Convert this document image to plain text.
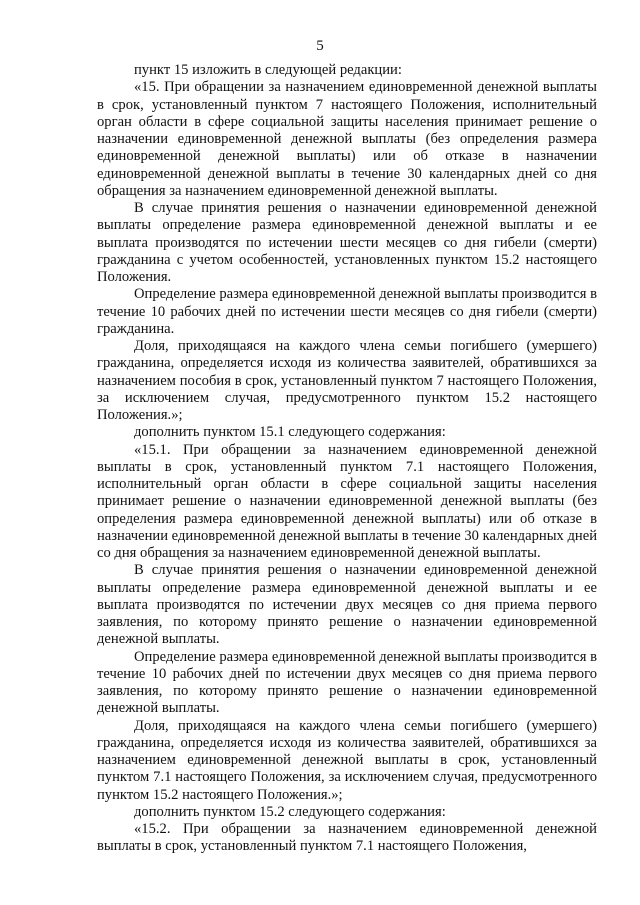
5

пункт 15 изложить в следующей редакции:

«15. При обращении за назначением единовременной денежной выплаты в срок, установленный пунктом 7 настоящего Положения, исполнительный орган области в сфере социальной защиты населения принимает решение о назначении единовременной денежной выплаты (без определения размера единовременной денежной выплаты) или об отказе в назначении единовременной денежной выплаты в течение 30 календарных дней со дня обращения за назначением единовременной денежной выплаты.

В случае принятия решения о назначении единовременной денежной выплаты определение размера единовременной денежной выплаты и ее выплата производятся по истечении шести месяцев со дня гибели (смерти) гражданина с учетом особенностей, установленных пунктом 15.2 настоящего Положения.

Определение размера единовременной денежной выплаты производится в течение 10 рабочих дней по истечении шести месяцев со дня гибели (смерти) гражданина.

Доля, приходящаяся на каждого члена семьи погибшего (умершего) гражданина, определяется исходя из количества заявителей, обратившихся за назначением пособия в срок, установленный пунктом 7 настоящего Положения, за исключением случая, предусмотренного пунктом 15.2 настоящего Положения.»;

дополнить пунктом 15.1 следующего содержания:

«15.1. При обращении за назначением единовременной денежной выплаты в срок, установленный пунктом 7.1 настоящего Положения, исполнительный орган области в сфере социальной защиты населения принимает решение о назначении единовременной денежной выплаты (без определения размера единовременной денежной выплаты) или об отказе в назначении единовременной денежной выплаты в течение 30 календарных дней со дня обращения за назначением единовременной денежной выплаты.

В случае принятия решения о назначении единовременной денежной выплаты определение размера единовременной денежной выплаты и ее выплата производятся по истечении двух месяцев со дня приема первого заявления, по которому принято решение о назначении единовременной денежной выплаты.

Определение размера единовременной денежной выплаты производится в течение 10 рабочих дней по истечении двух месяцев со дня приема первого заявления, по которому принято решение о назначении единовременной денежной выплаты.

Доля, приходящаяся на каждого члена семьи погибшего (умершего) гражданина, определяется исходя из количества заявителей, обратившихся за назначением единовременной денежной выплаты в срок, установленный пунктом 7.1 настоящего Положения, за исключением случая, предусмотренного пунктом 15.2 настоящего Положения.»;

дополнить пунктом 15.2 следующего содержания:

«15.2. При обращении за назначением единовременной денежной выплаты в срок, установленный пунктом 7.1 настоящего Положения,
